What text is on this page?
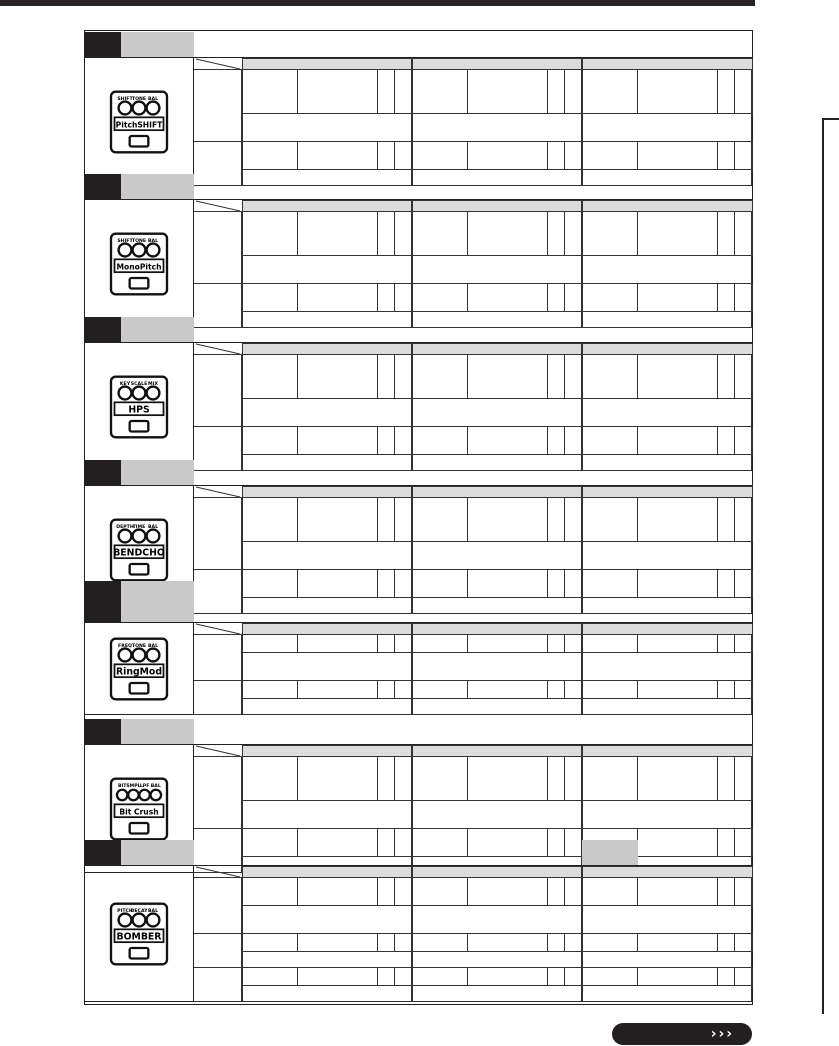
SHIFT TONE BAL
PitchSHIFT
SHIFT TONE BAL
MonoPitch
KEY SCALE MIX
HPS
DEPTH
TIME BAL
BENDCHO
FREQ TONE BAL
RingMod
BIT SMPL LPF BAL
Bit Crush
PITCH
DECAY BAL
BOMBER
›››
